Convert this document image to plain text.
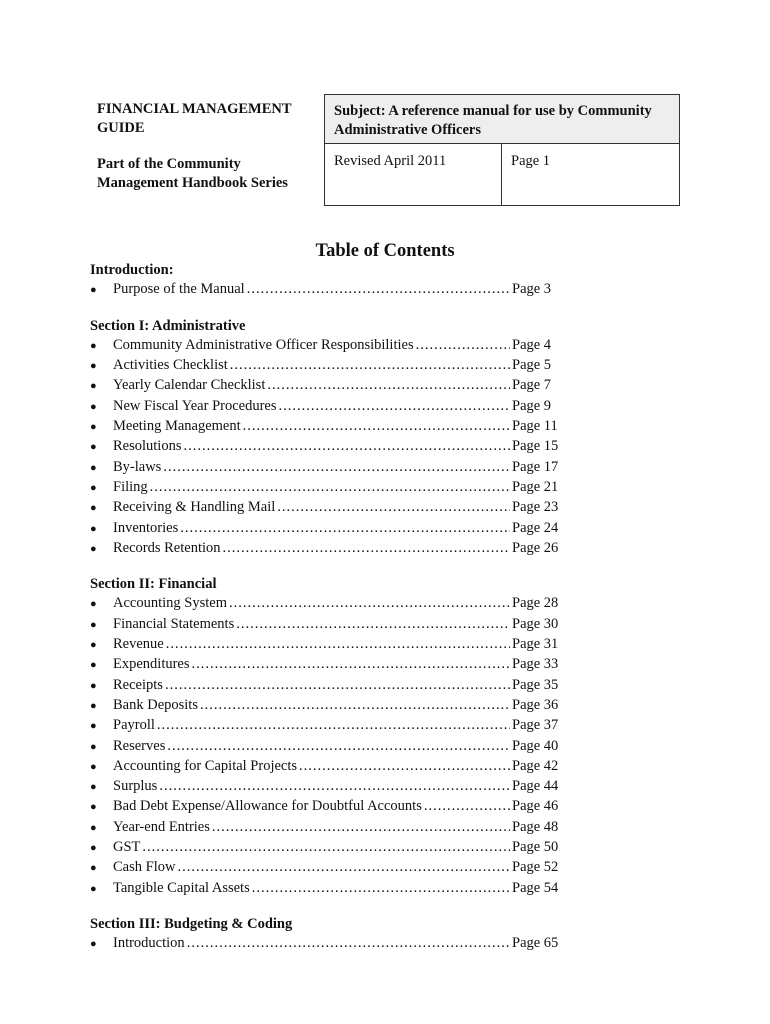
FINANCIAL MANAGEMENT
GUIDE
Part of the Community
Management Handbook Series
Subject: A reference manual for use by Community
Administrative Officers
Revised April 2011	Page 1
Table of Contents
Introduction:
●	Purpose of the Manual .....	Page 3
Section I: Administrative
●	Community Administrative Officer Responsibilities .....	Page 4
●	Activities Checklist .....	Page 5
●	Yearly Calendar Checklist .....	Page 7
●	New Fiscal Year Procedures .....	Page 9
●	Meeting Management .....	Page 11
●	Resolutions .....	Page 15
●	By-laws .....	Page 17
●	Filing .....	Page 21
●	Receiving & Handling Mail .....	Page 23
●	Inventories .....	Page 24
●	Records Retention .....	Page 26
Section II: Financial
●	Accounting System .....	Page 28
●	Financial Statements .....	Page 30
●	Revenue .....	Page 31
●	Expenditures .....	Page 33
●	Receipts .....	Page 35
●	Bank Deposits .....	Page 36
●	Payroll .....	Page 37
●	Reserves .....	Page 40
●	Accounting for Capital Projects .....	Page 42
●	Surplus .....	Page 44
●	Bad Debt Expense/Allowance for Doubtful Accounts .....	Page 46
●	Year-end Entries .....	Page 48
●	GST .....	Page 50
●	Cash Flow .....	Page 52
●	Tangible Capital Assets .....	Page 54
Section III: Budgeting & Coding
●	Introduction .....	Page 65
